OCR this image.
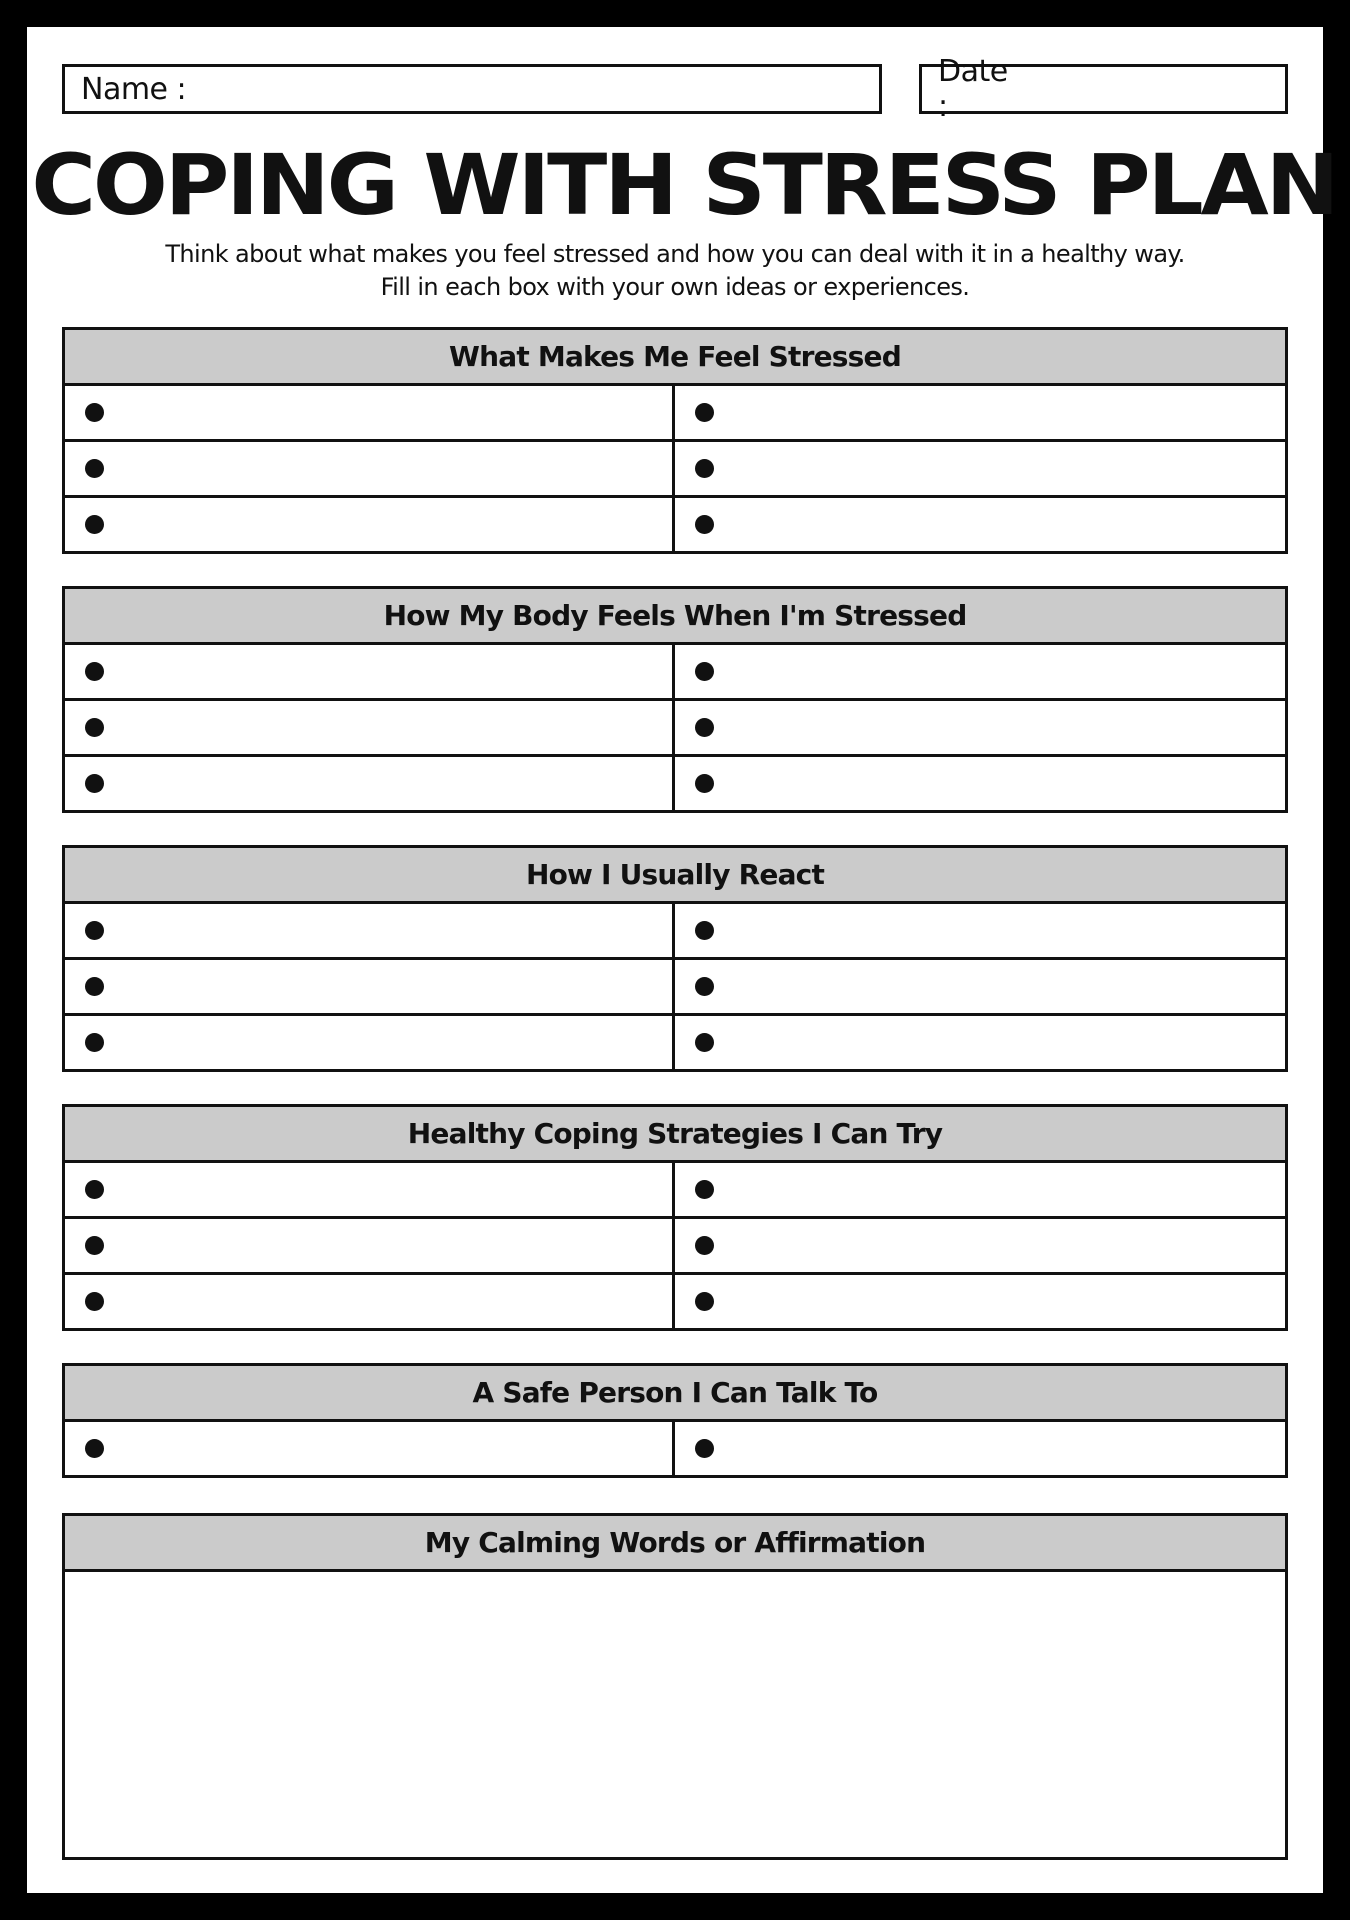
Name :	Date :
COPING WITH STRESS PLAN
Think about what makes you feel stressed and how you can deal with it in a healthy way.
Fill in each box with your own ideas or experiences.
What Makes Me Feel Stressed
How My Body Feels When I'm Stressed
How I Usually React
Healthy Coping Strategies I Can Try
A Safe Person I Can Talk To
My Calming Words or Affirmation
